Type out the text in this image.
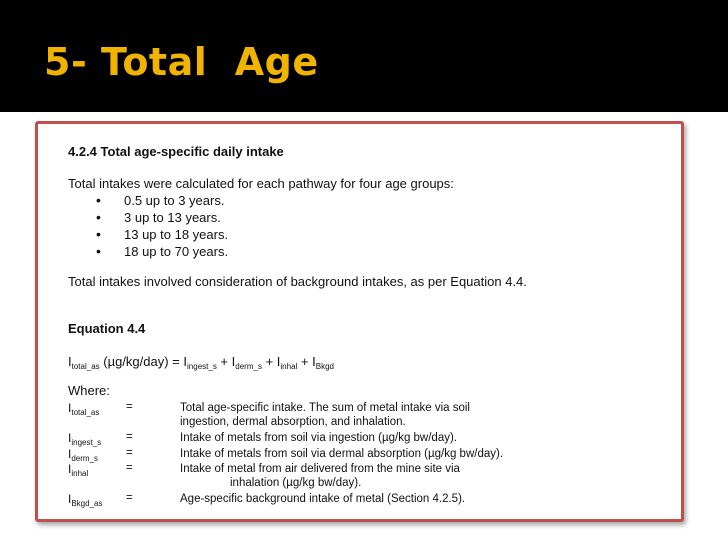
5- Total  Age
4.2.4 Total age-specific daily intake
Total intakes were calculated for each pathway for four age groups:
• 0.5 up to 3 years.
• 3 up to 13 years.
• 13 up to 18 years.
• 18 up to 70 years.
Total intakes involved consideration of background intakes, as per Equation 4.4.
Equation 4.4
$I_{total\_as}$ $(\mu g/kg/day) = I_{ingest\_s} + I_{derm\_s} + I_{inhal} + I_{Bkgd}$
Where:
$I_{total\_as}$ =	Total age-specific intake. The sum of metal intake via soil
ingestion, dermal absorption, and inhalation.
$I_{ingest\_s}$ =	Intake of metals from soil via ingestion (µg/kg bw/day).
$I_{derm\_s}$ =	Intake of metals from soil via dermal absorption (µg/kg bw/day).
$I_{inhal}$	=	Intake of metal from air delivered from the mine site via
inhalation (µg/kg bw/day).
$I_{Bkgd\_as}$ =	Age-specific background intake of metal (Section 4.2.5).
